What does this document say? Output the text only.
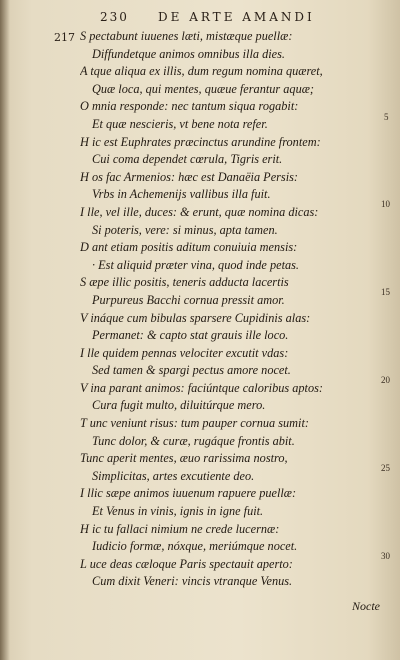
230 DE ARTE AMANDI
217 S pectabunt iuuenes læti, mistæque puellæ:
Diffundetque animos omnibus illa dies.
A tque aliqua ex illis, dum regum nomina quæret,
Quæ loca, qui mentes, quæue ferantur aquæ;
O mnia responde: nec tantum siqua rogabit:
Et quæ nescieris, vt bene nota refer.
H ic est Euphrates præcinctus arundine frontem:
Cui coma dependet cœrula, Tigris erit.
H os fac Armenios: hæc est Danaëia Persis:
Vrbs in Achemenijs vallibus illa fuit.
I lle, vel ille, duces: & erunt, quæ nomina dicas:
Si poteris, vere: si minus, apta tamen.
D ant etiam positis aditum conuiuia mensis:
· Est aliquid præter vina, quod inde petas.
S æpe illic positis, teneris adducta lacertis
Purpureus Bacchi cornua pressit amor.
V ináque cum bibulas sparsere Cupidinis alas:
Permanet: & capto stat grauis ille loco.
I lle quidem pennas velociter excutit vdas:
Sed tamen & spargi pectus amore nocet.
V ina parant animos: faciúntque caloribus aptos:
Cura fugit multo, diluitúrque mero.
T unc veniunt risus: tum pauper cornua sumit:
Tunc dolor, & curæ, rugáque frontis abit.
Tunc aperit mentes, æuo rarissima nostro,
Simplicitas, artes excutiente deo.
I llic sæpe animos iuuenum rapuere puellæ:
Et Venus in vinis, ignis in igne fuit.
H ic tu fallaci nimium ne crede lucernæ:
Iudicio formæ, nóxque, meriúmque nocet.
L uce deas cæloque Paris spectauit aperto:
Cum dixit Veneri: vincis vtranque Venus.
5
10
15
20
25
30
Nocte
